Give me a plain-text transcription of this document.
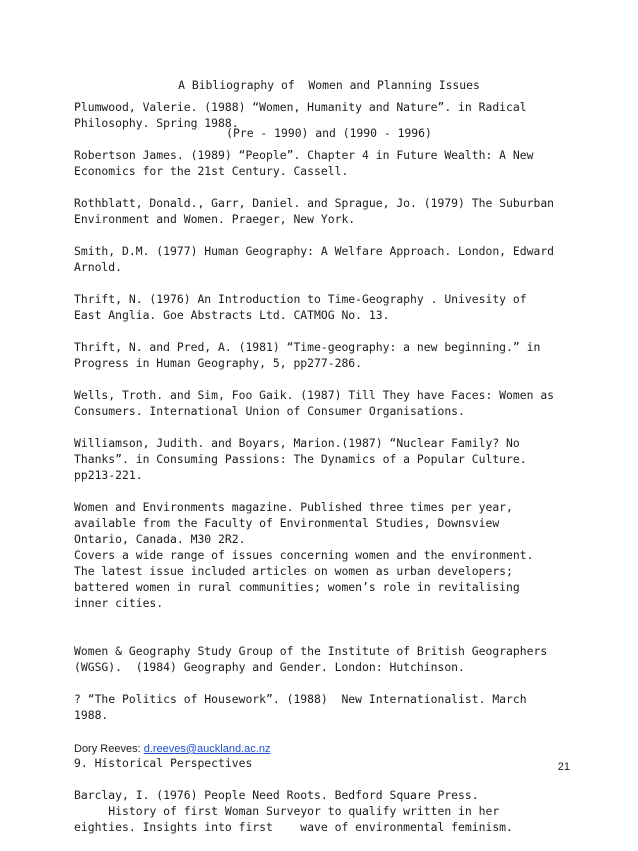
A Bibliography of  Women and Planning Issues

(Pre - 1990) and (1990 - 1996)

Plumwood, Valerie. (1988) “Women, Humanity and Nature”. in Radical
Philosophy. Spring 1988.
Robertson James. (1989) “People”. Chapter 4 in Future Wealth: A New
Economics for the 21st Century. Cassell.
Rothblatt, Donald., Garr, Daniel. and Sprague, Jo. (1979) The Suburban
Environment and Women. Praeger, New York.
Smith, D.M. (1977) Human Geography: A Welfare Approach. London, Edward
Arnold.
Thrift, N. (1976) An Introduction to Time-Geography . Univesity of
East Anglia. Goe Abstracts Ltd. CATMOG No. 13.
Thrift, N. and Pred, A. (1981) “Time-geography: a new beginning.” in
Progress in Human Geography, 5, pp277-286.
Wells, Troth. and Sim, Foo Gaik. (1987) Till They have Faces: Women as
Consumers. International Union of Consumer Organisations.
Williamson, Judith. and Boyars, Marion.(1987) “Nuclear Family? No
Thanks”. in Consuming Passions: The Dynamics of a Popular Culture.
pp213-221.
Women and Environments magazine. Published three times per year,
available from the Faculty of Environmental Studies, Downsview
Ontario, Canada. M30 2R2.
Covers a wide range of issues concerning women and the environment.
The latest issue included articles on women as urban developers;
battered women in rural communities; women’s role in revitalising
inner cities.
Women & Geography Study Group of the Institute of British Geographers
(WGSG).  (1984) Geography and Gender. London: Hutchinson.
? “The Politics of Housework”. (1988)  New Internationalist. March
1988.
9. Historical Perspectives
Barclay, I. (1976) People Need Roots. Bedford Square Press.
History of first Woman Surveyor to qualify written in her
eighties. Insights into first    wave of environmental feminism.
Dory Reeves: d.reeves@auckland.ac.nz
21
